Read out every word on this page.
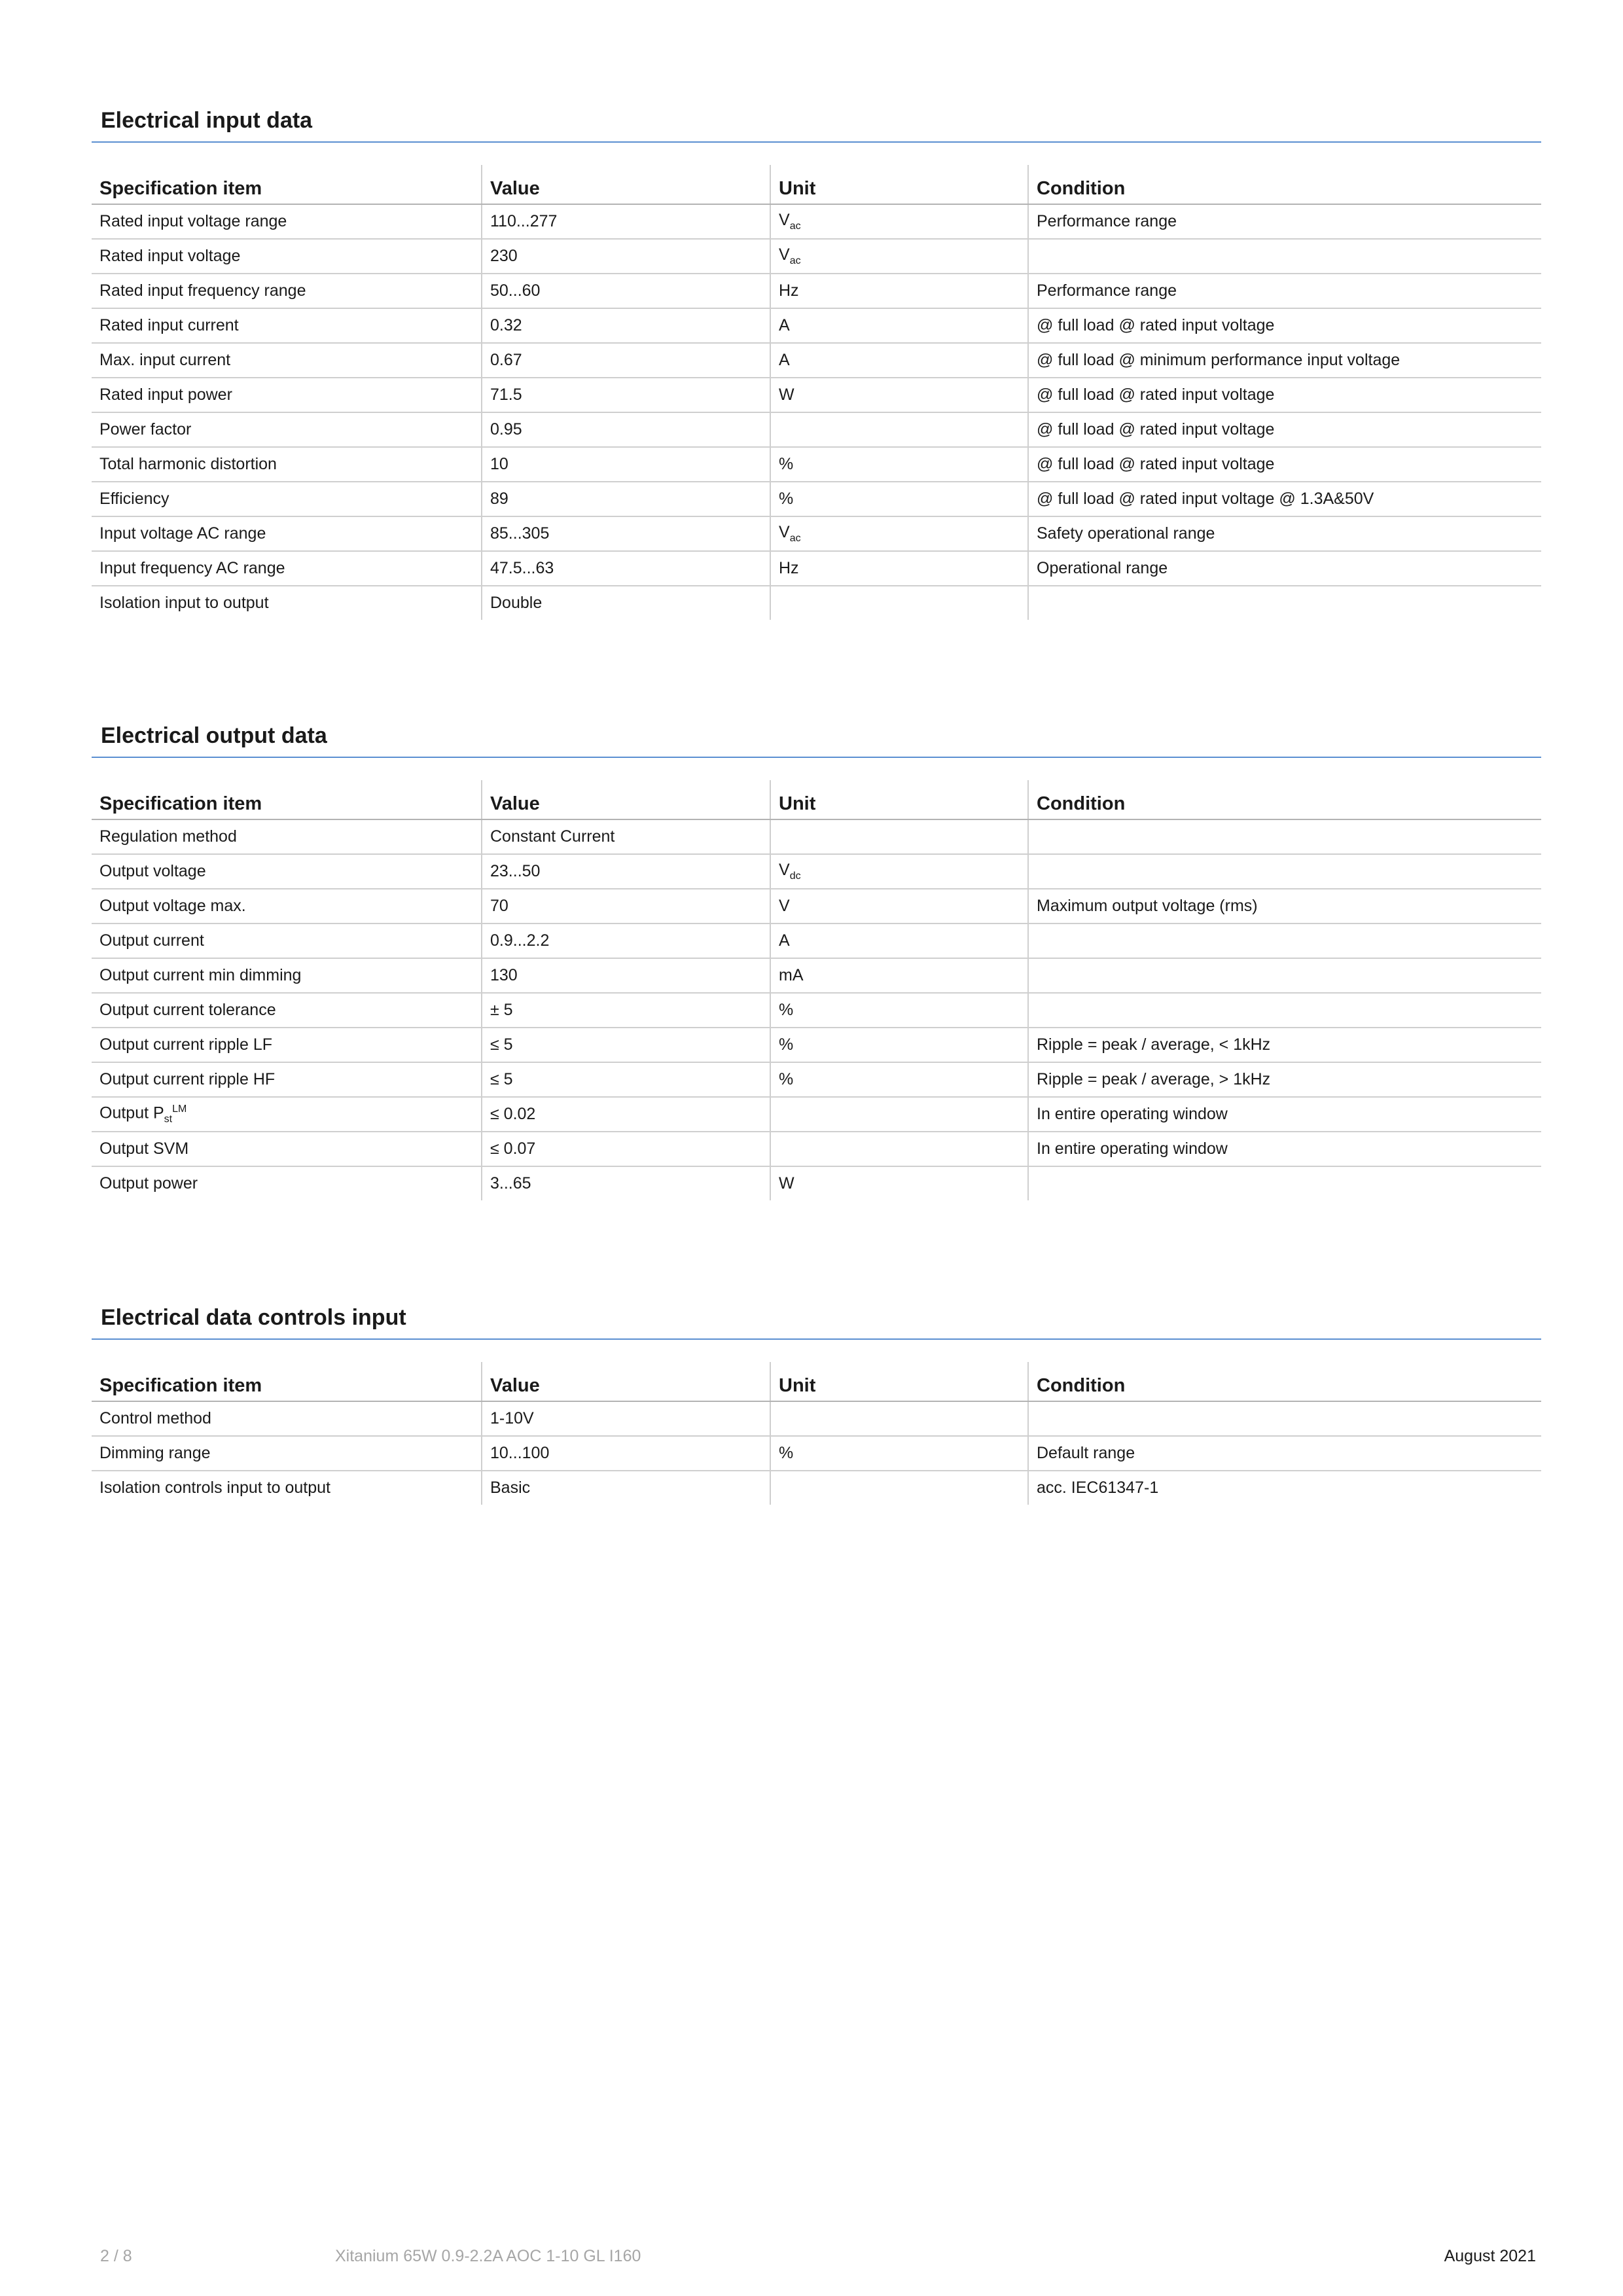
Electrical input data
Specification item	Value	Unit	Condition
Rated input voltage range	110...277	$V_{ac}$	Performance range
Rated input voltage	230	$V_{ac}$	
Rated input frequency range	50...60	Hz	Performance range
Rated input current	0.32	A	@ full load @ rated input voltage
Max. input current	0.67	A	@ full load @ minimum performance input voltage
Rated input power	71.5	W	@ full load @ rated input voltage
Power factor	0.95		@ full load @ rated input voltage
Total harmonic distortion	10	%	@ full load @ rated input voltage
Efficiency	89	%	@ full load @ rated input voltage @ 1.3A&50V
Input voltage AC range	85...305	$V_{ac}$	Safety operational range
Input frequency AC range	47.5...63	Hz	Operational range
Isolation input to output	Double		
Electrical output data
Specification item	Value	Unit	Condition
Regulation method	Constant Current		
Output voltage	23...50	$V_{dc}$	
Output voltage max.	70	V	Maximum output voltage (rms)
Output current	0.9...2.2	A	
Output current min dimming	130	mA	
Output current tolerance	± 5	%	
Output current ripple LF	≤ 5	%	Ripple = peak / average, < 1kHz
Output current ripple HF	≤ 5	%	Ripple = peak / average, > 1kHz
Output $P_{st}^{LM}$	≤ 0.02		In entire operating window
Output SVM	≤ 0.07		In entire operating window
Output power	3...65	W	
Electrical data controls input
Specification item	Value	Unit	Condition
Control method	1-10V		
Dimming range	10...100	%	Default range
Isolation controls input to output	Basic		acc. IEC61347-1
2 / 8	Xitanium 65W 0.9-2.2A AOC 1-10 GL I160	August 2021
